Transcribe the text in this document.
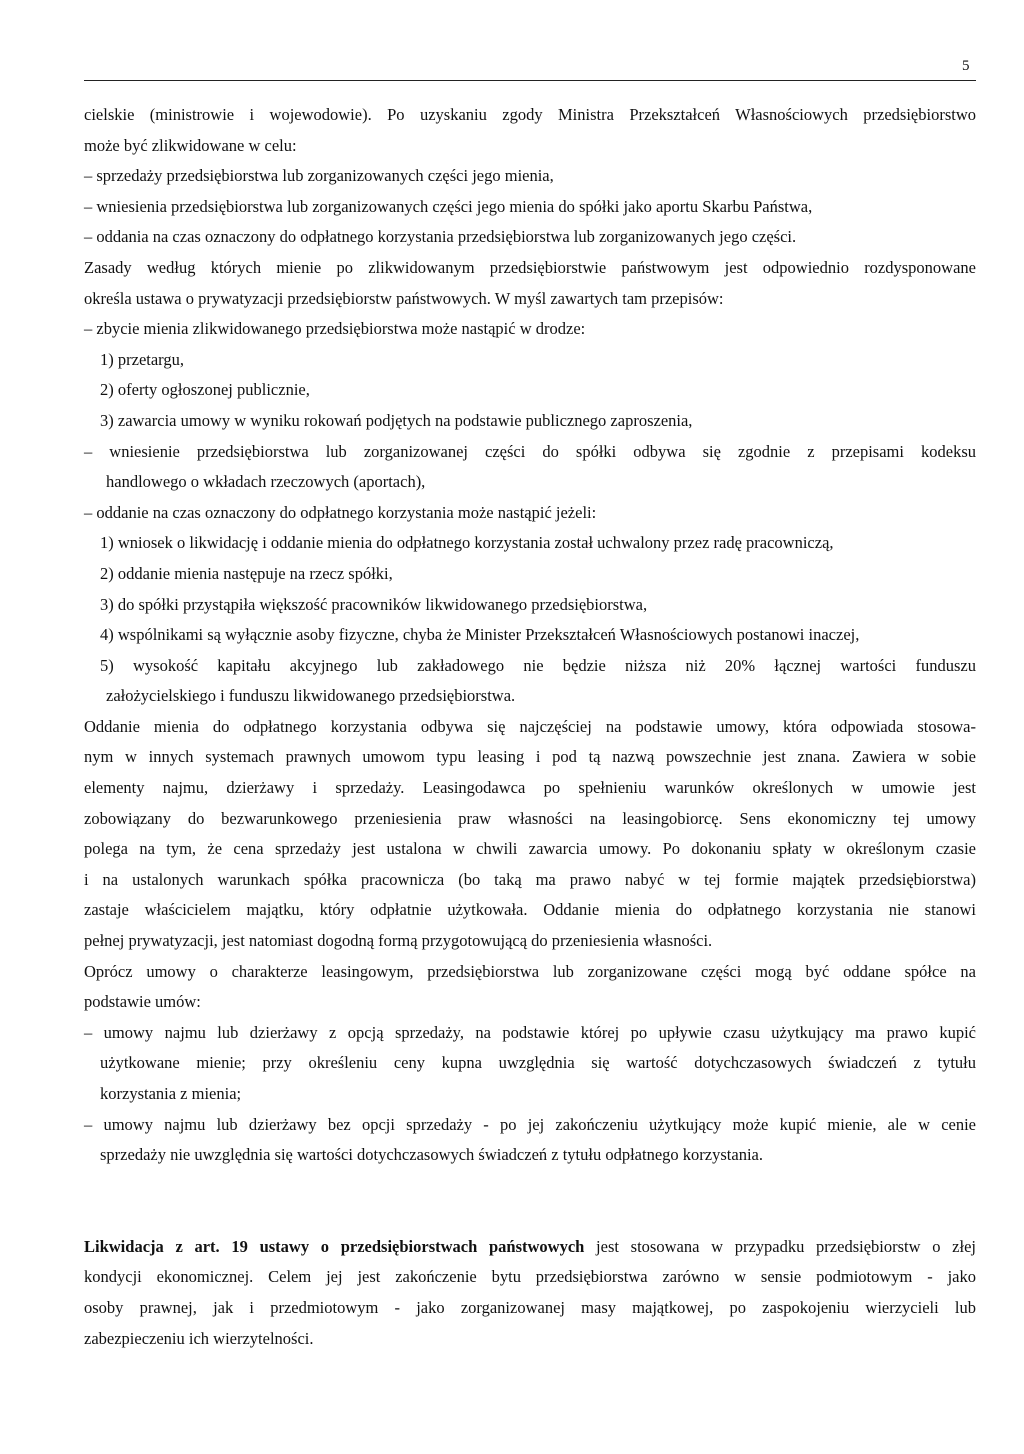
5
cielskie (ministrowie i wojewodowie). Po uzyskaniu zgody Ministra Przekształceń Własnościowych przedsiębiorstwo
może być zlikwidowane w celu:
– sprzedaży przedsiębiorstwa lub zorganizowanych części jego mienia,
– wniesienia przedsiębiorstwa lub zorganizowanych części jego mienia do spółki jako aportu Skarbu Państwa,
– oddania na czas oznaczony do odpłatnego korzystania przedsiębiorstwa lub zorganizowanych jego części.
Zasady według których mienie po zlikwidowanym przedsiębiorstwie państwowym jest odpowiednio rozdysponowane
określa ustawa o prywatyzacji przedsiębiorstw państwowych. W myśl zawartych tam przepisów:
– zbycie mienia zlikwidowanego przedsiębiorstwa może nastąpić w drodze:
1) przetargu,
2) oferty ogłoszonej publicznie,
3) zawarcia umowy w wyniku rokowań podjętych na podstawie publicznego zaproszenia,
– wniesienie przedsiębiorstwa lub zorganizowanej części do spółki odbywa się zgodnie z przepisami kodeksu
handlowego o wkładach rzeczowych (aportach),
– oddanie na czas oznaczony do odpłatnego korzystania może nastąpić jeżeli:
1) wniosek o likwidację i oddanie mienia do odpłatnego korzystania został uchwalony przez radę pracowniczą,
2) oddanie mienia następuje na rzecz spółki,
3) do spółki przystąpiła większość pracowników likwidowanego przedsiębiorstwa,
4) wspólnikami są wyłącznie asoby fizyczne, chyba że Minister Przekształceń Własnościowych postanowi inaczej,
5) wysokość kapitału akcyjnego lub zakładowego nie będzie niższa niż 20% łącznej wartości funduszu
założycielskiego i funduszu likwidowanego przedsiębiorstwa.
Oddanie mienia do odpłatnego korzystania odbywa się najczęściej na podstawie umowy, która odpowiada stosowa-
nym w innych systemach prawnych umowom typu leasing i pod tą nazwą powszechnie jest znana. Zawiera w sobie
elementy najmu, dzierżawy i sprzedaży. Leasingodawca po spełnieniu warunków określonych w umowie jest
zobowiązany do bezwarunkowego przeniesienia praw własności na leasingobiorcę. Sens ekonomiczny tej umowy
polega na tym, że cena sprzedaży jest ustalona w chwili zawarcia umowy. Po dokonaniu spłaty w określonym czasie
i na ustalonych warunkach spółka pracownicza (bo taką ma prawo nabyć w tej formie majątek przedsiębiorstwa)
zastaje właścicielem majątku, który odpłatnie użytkowała. Oddanie mienia do odpłatnego korzystania nie stanowi
pełnej prywatyzacji, jest natomiast dogodną formą przygotowującą do przeniesienia własności.
Oprócz umowy o charakterze leasingowym, przedsiębiorstwa lub zorganizowane części mogą być oddane spółce na
podstawie umów:
– umowy najmu lub dzierżawy z opcją sprzedaży, na podstawie której po upływie czasu użytkujący ma prawo kupić
użytkowane mienie; przy określeniu ceny kupna uwzględnia się wartość dotychczasowych świadczeń z tytułu
korzystania z mienia;
– umowy najmu lub dzierżawy bez opcji sprzedaży - po jej zakończeniu użytkujący może kupić mienie, ale w cenie
sprzedaży nie uwzględnia się wartości dotychczasowych świadczeń z tytułu odpłatnego korzystania.
Likwidacja z art. 19 ustawy o przedsiębiorstwach państwowych jest stosowana w przypadku przedsiębiorstw o złej
kondycji ekonomicznej. Celem jej jest zakończenie bytu przedsiębiorstwa zarówno w sensie podmiotowym - jako
osoby prawnej, jak i przedmiotowym - jako zorganizowanej masy majątkowej, po zaspokojeniu wierzycieli lub
zabezpieczeniu ich wierzytelności.
